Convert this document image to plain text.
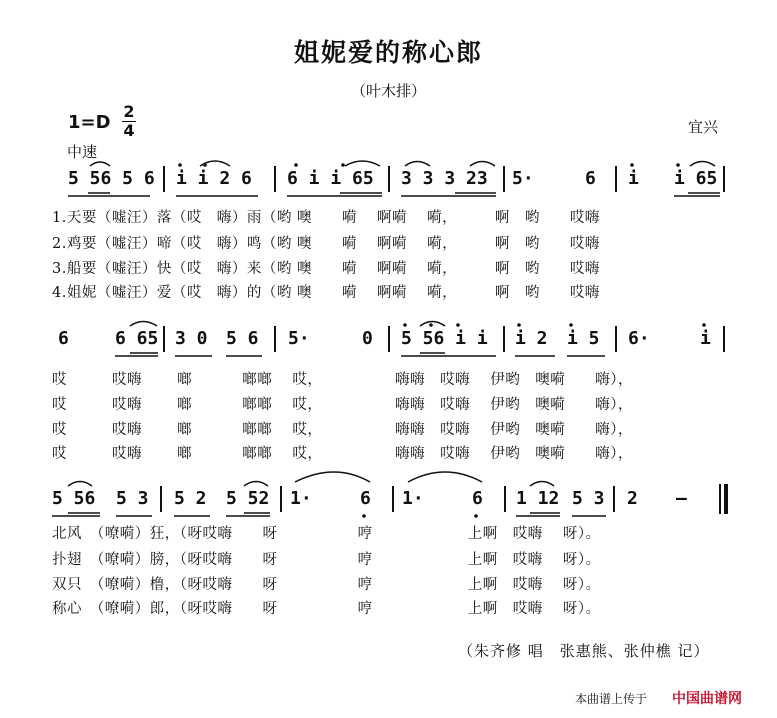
姐妮爱的称心郎
（叶木排）
1=D
2
4	宜兴
中速
5 56 5 6 i i 2 6 6 i i 65 3 3 3 23 5·	6 i i 65
1.天要（嘘汪）落（哎　嗨）雨（哟 噢　　嗬　 啊嗬　 嗬，　　　啊　哟　　哎嗨
2.鸡要（嘘汪）啼（哎　嗨）鸣（哟 噢　　嗬　 啊嗬　 嗬，　　　啊　哟　　哎嗨
3.船要（嘘汪）快（哎　嗨）来（哟 噢　　嗬　 啊嗬　 嗬，　　　啊　哟　　哎嗨
4.姐妮（嘘汪）爱（哎　嗨）的（哟 噢　　嗬　 啊嗬　 嗬，　　　啊　哟　　哎嗨
6	6 65 3 0 5 6 5·	0 5 56 i i i 2 i 5 6·	i
哎　　　哎嗨　　 啷　　　 啷啷　 哎，　　　　　 嗨嗨　哎嗨　 伊哟　噢嗬　　嗨），
哎　　　哎嗨　　 啷　　　 啷啷　 哎，　　　　　 嗨嗨　哎嗨　 伊哟　噢嗬　　嗨），
哎　　　哎嗨　　 啷　　　 啷啷　 哎，　　　　　 嗨嗨　哎嗨　 伊哟　噢嗬　　嗨），
哎　　　哎嗨　　 啷　　　 啷啷　 哎，　　　　　 嗨嗨　哎嗨　 伊哟　噢嗬　　嗨），
5 56 5 3 5 2 5 52 1·	6 1·	6 1 12 5 3 2 —
北风　（嘹嗬）狂，（呀哎嗨　　呀　　　　　 哼　　　　　　 上啊　哎嗨　 呀）。
扑翅　（嘹嗬）膀，（呀哎嗨　　呀　　　　　 哼　　　　　　 上啊　哎嗨　 呀）。
双只　（嘹嗬）橹，（呀哎嗨　　呀　　　　　 哼　　　　　　 上啊　哎嗨　 呀）。
称心　（嘹嗬）郎，（呀哎嗨　　呀　　　　　 哼　　　　　　 上啊　哎嗨　 呀）。
（朱齐修 唱　张惠熊、张仲樵 记）
本曲谱上传于 中国曲谱网
